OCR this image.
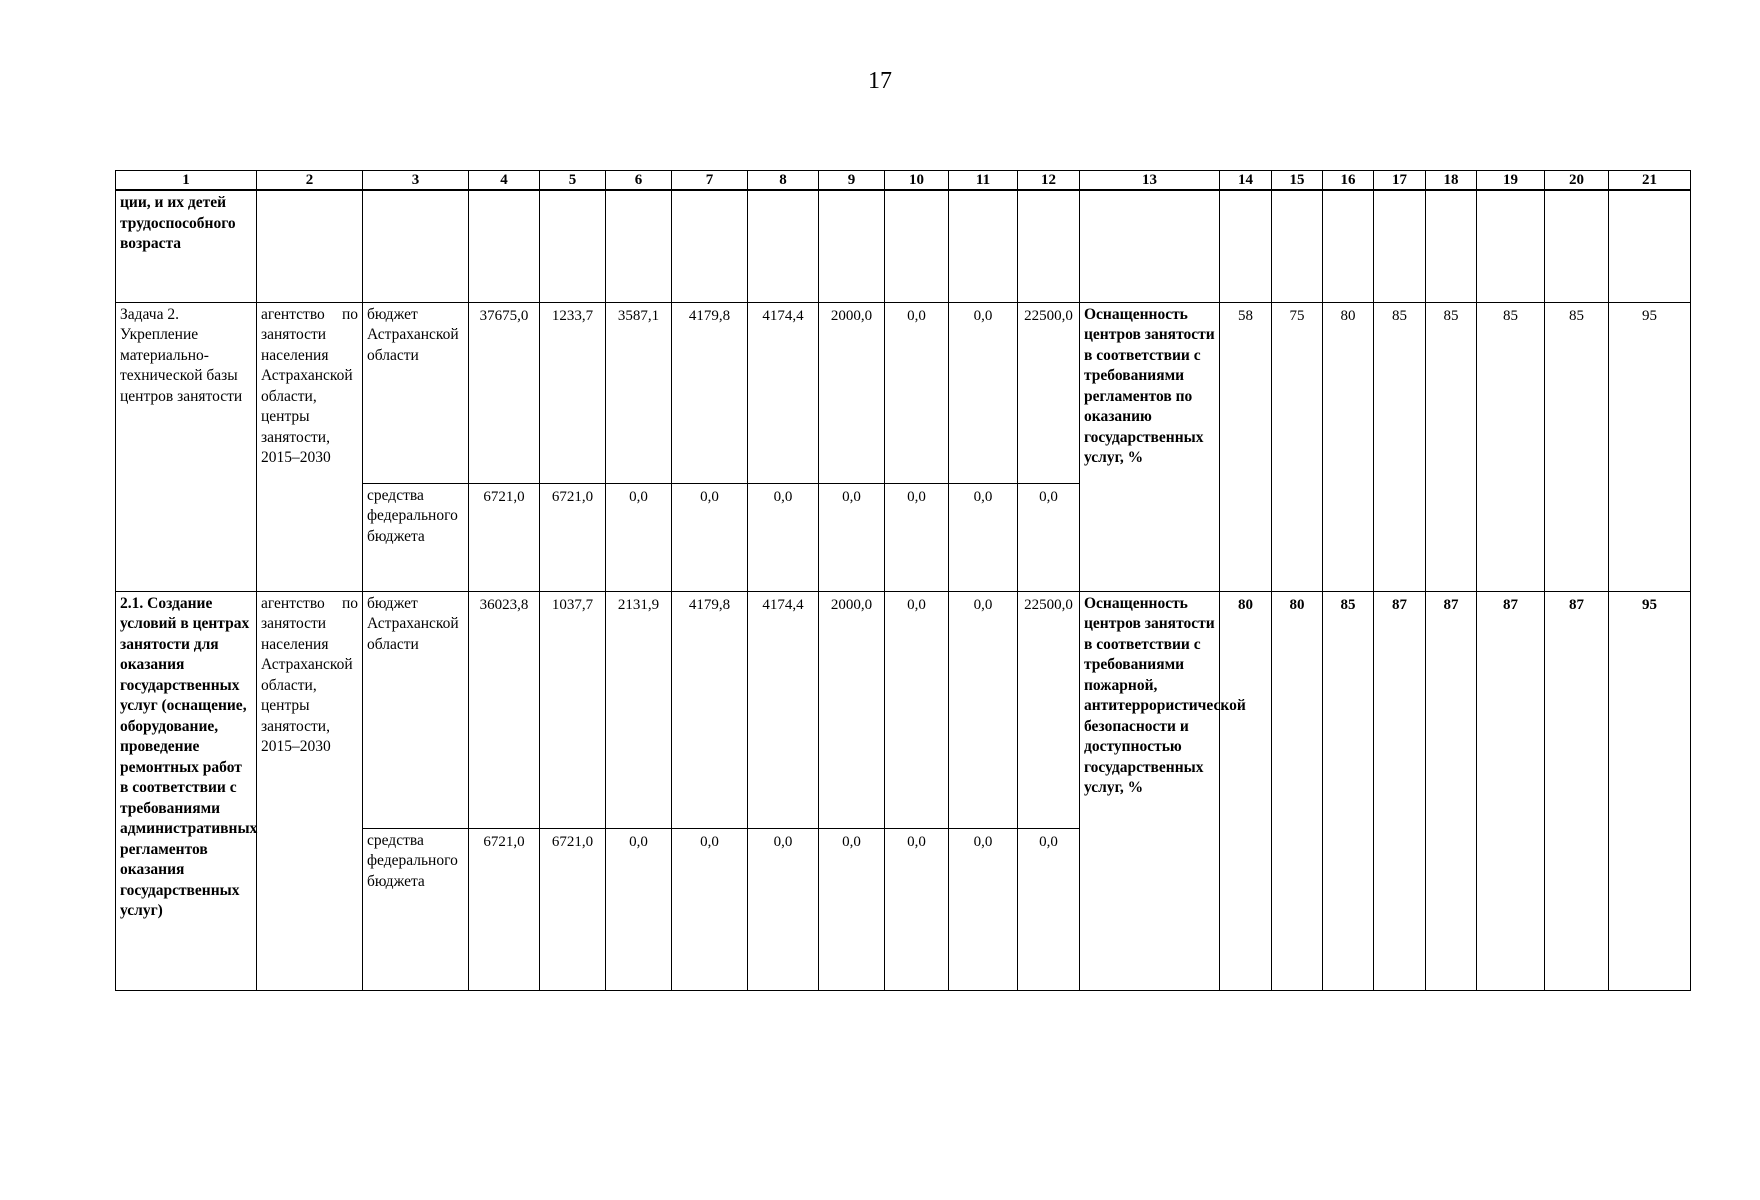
17
1	2	3	4	5	6	7	8	9	10	11	12	13	14	15	16	17	18	19	20	21
ции, и их детей трудоспособного возраста																				
Задача 2. Укрепление материально-технической базы центров занятости	агентство по занятости населения Астраханской области, центры занятости, 2015–2030	бюджет Астраханской области	37675,0	1233,7	3587,1	4179,8	4174,4	2000,0	0,0	0,0	22500,0	Оснащенность центров занятости в соответствии с требованиями регламентов по оказанию государственных услуг, %	58	75	80	85	85	85	85	95
		средства федерального бюджета	6721,0	6721,0	0,0	0,0	0,0	0,0	0,0	0,0	0,0									
2.1. Создание условий в центрах занятости для оказания государственных услуг (оснащение, оборудование, проведение ремонтных работ в соответствии с требованиями административных регламентов оказания государственных услуг)	агентство по занятости населения Астраханской области, центры занятости, 2015–2030	бюджет Астраханской области	36023,8	1037,7	2131,9	4179,8	4174,4	2000,0	0,0	0,0	22500,0	Оснащенность центров занятости в соответствии с требованиями пожарной, антитеррористической безопасности и доступностью государственных услуг, %	80	80	85	87	87	87	87	95
		средства федерального бюджета	6721,0	6721,0	0,0	0,0	0,0	0,0	0,0	0,0	0,0									
